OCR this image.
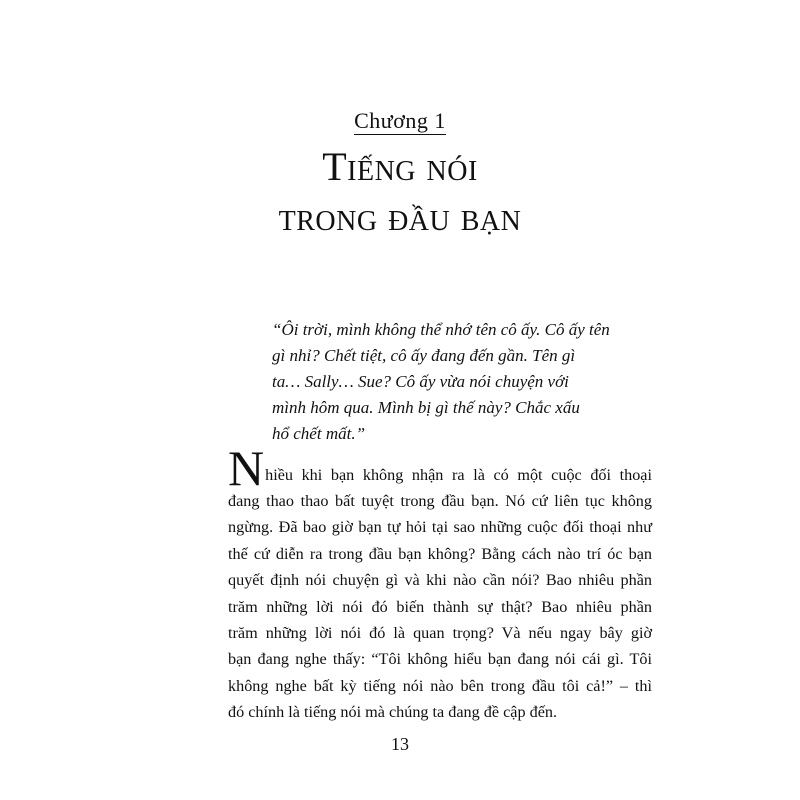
Chương 1
Tiếng nói
trong đầu bạn
“Ôi trời, mình không thể nhớ tên cô ấy. Cô ấy tên
gì nhỉ? Chết tiệt, cô ấy đang đến gần. Tên gì
ta… Sally… Sue? Cô ấy vừa nói chuyện với
mình hôm qua. Mình bị gì thế này? Chắc xấu
hổ chết mất.”
N hiều khi bạn không nhận ra là có một cuộc đối thoại
đang thao thao bất tuyệt trong đầu bạn. Nó cứ liên tục không
ngừng. Đã bao giờ bạn tự hỏi tại sao những cuộc đối thoại như
thế cứ diễn ra trong đầu bạn không? Bằng cách nào trí óc bạn
quyết định nói chuyện gì và khi nào cần nói? Bao nhiêu phần
trăm những lời nói đó biến thành sự thật? Bao nhiêu phần
trăm những lời nói đó là quan trọng? Và nếu ngay bây giờ
bạn đang nghe thấy: “Tôi không hiểu bạn đang nói cái gì. Tôi
không nghe bất kỳ tiếng nói nào bên trong đầu tôi cả!” – thì
đó chính là tiếng nói mà chúng ta đang đề cập đến.
13
